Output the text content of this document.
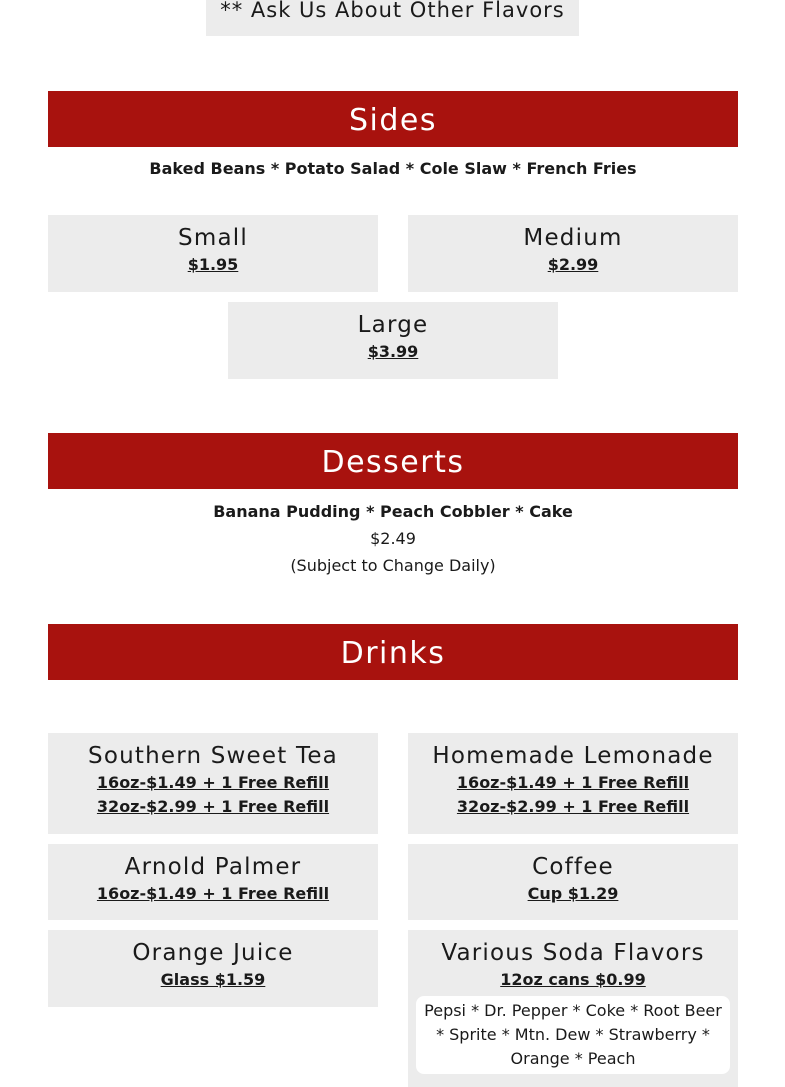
** Ask Us About Other Flavors
Sides
Baked Beans * Potato Salad * Cole Slaw * French Fries
Small
$1.95
Medium
$2.99
Large
$3.99
Desserts
Banana Pudding * Peach Cobbler * Cake
$2.49
(Subject to Change Daily)
Drinks
Southern Sweet Tea
16oz-$1.49 + 1 Free Refill
32oz-$2.99 + 1 Free Refill
Homemade Lemonade
16oz-$1.49 + 1 Free Refill
32oz-$2.99 + 1 Free Refill
Arnold Palmer
16oz-$1.49 + 1 Free Refill
Coffee
Cup $1.29
Orange Juice
Glass $1.59
Various Soda Flavors
12oz cans $0.99
Pepsi * Dr. Pepper * Coke * Root Beer * Sprite * Mtn. Dew * Strawberry * Orange * Peach
